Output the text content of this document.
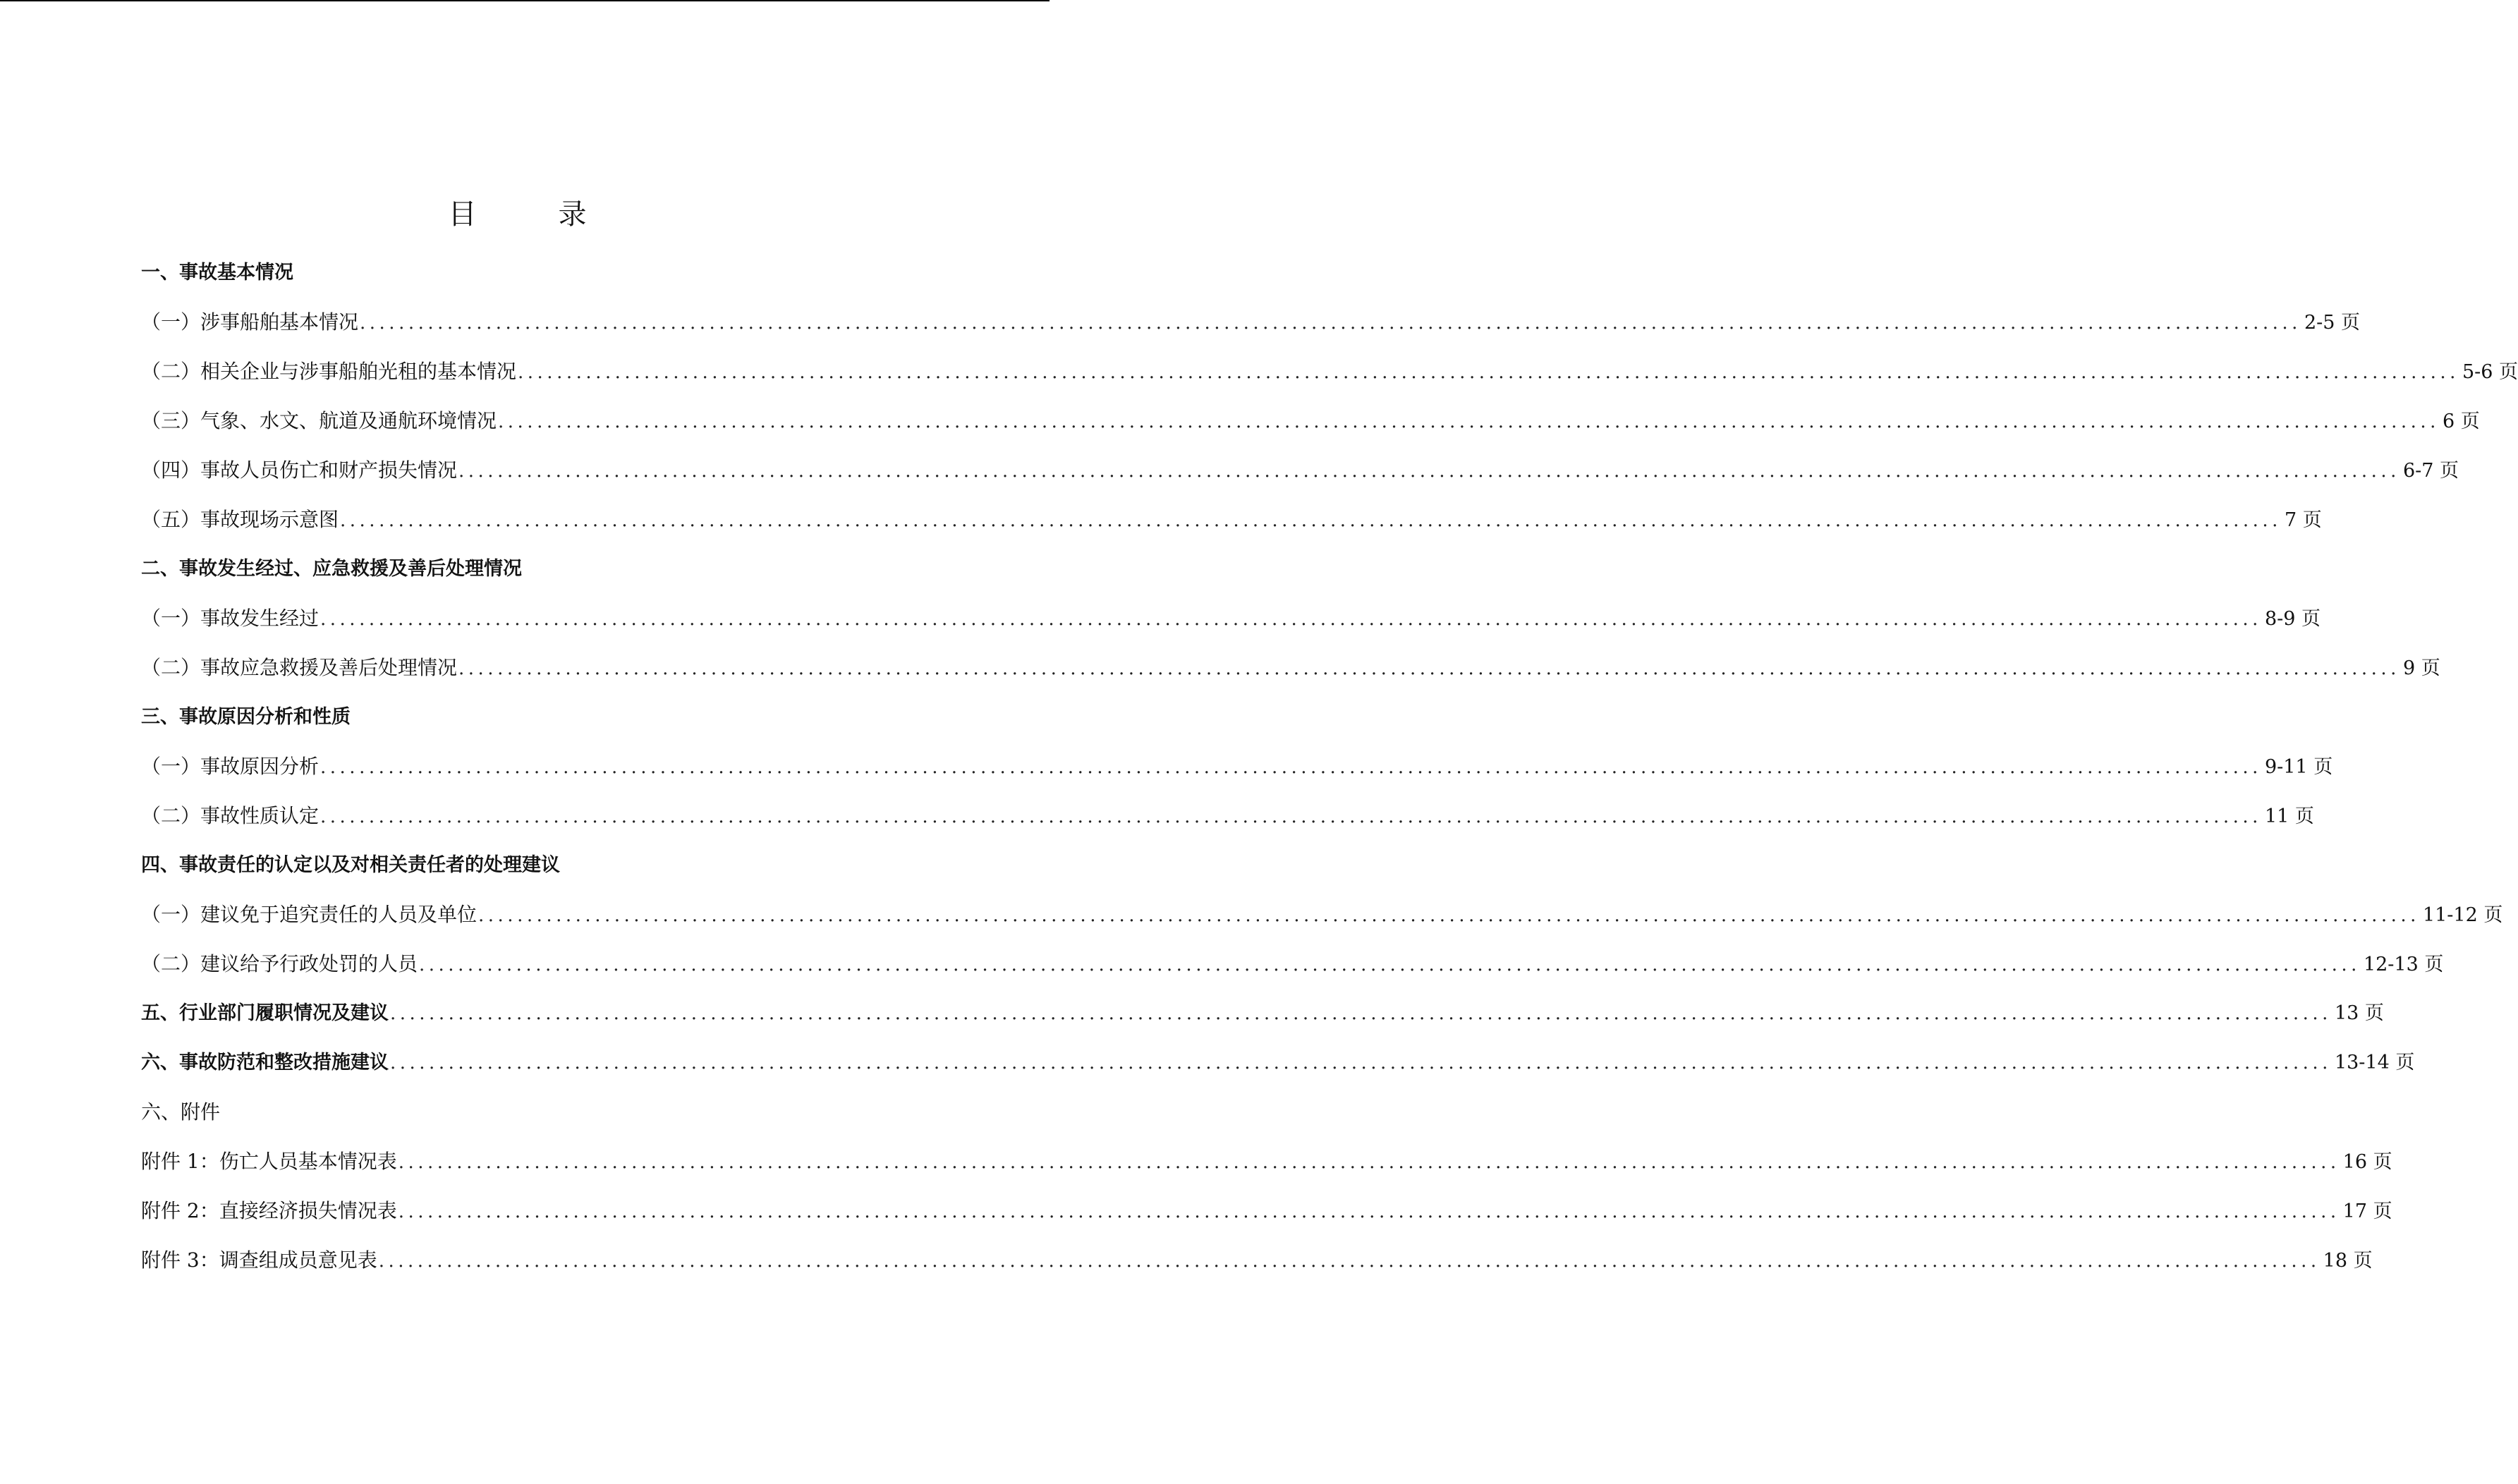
目　录
一、事故基本情况
（一）涉事船舶基本情况 ........................................................................................................................................................................................................ 2-5 页
（二）相关企业与涉事船舶光租的基本情况 ........................................................................................................................................................................................................ 5-6 页
（三）气象、水文、航道及通航环境情况 ........................................................................................................................................................................................................ 6 页
（四）事故人员伤亡和财产损失情况 ........................................................................................................................................................................................................ 6-7 页
（五）事故现场示意图 ........................................................................................................................................................................................................ 7 页
二、事故发生经过、应急救援及善后处理情况
（一）事故发生经过 ........................................................................................................................................................................................................ 8-9 页
（二）事故应急救援及善后处理情况 ........................................................................................................................................................................................................ 9 页
三、事故原因分析和性质
（一）事故原因分析 ........................................................................................................................................................................................................ 9-11 页
（二）事故性质认定 ........................................................................................................................................................................................................ 11 页
四、事故责任的认定以及对相关责任者的处理建议
（一）建议免于追究责任的人员及单位 ........................................................................................................................................................................................................ 11-12 页
（二）建议给予行政处罚的人员 ........................................................................................................................................................................................................ 12-13 页
五、行业部门履职情况及建议 ........................................................................................................................................................................................................ 13 页
六、事故防范和整改措施建议 ........................................................................................................................................................................................................ 13-14 页
六、附件
附件 1：伤亡人员基本情况表 ........................................................................................................................................................................................................ 16 页
附件 2：直接经济损失情况表 ........................................................................................................................................................................................................ 17 页
附件 3：调查组成员意见表 ........................................................................................................................................................................................................ 18 页
